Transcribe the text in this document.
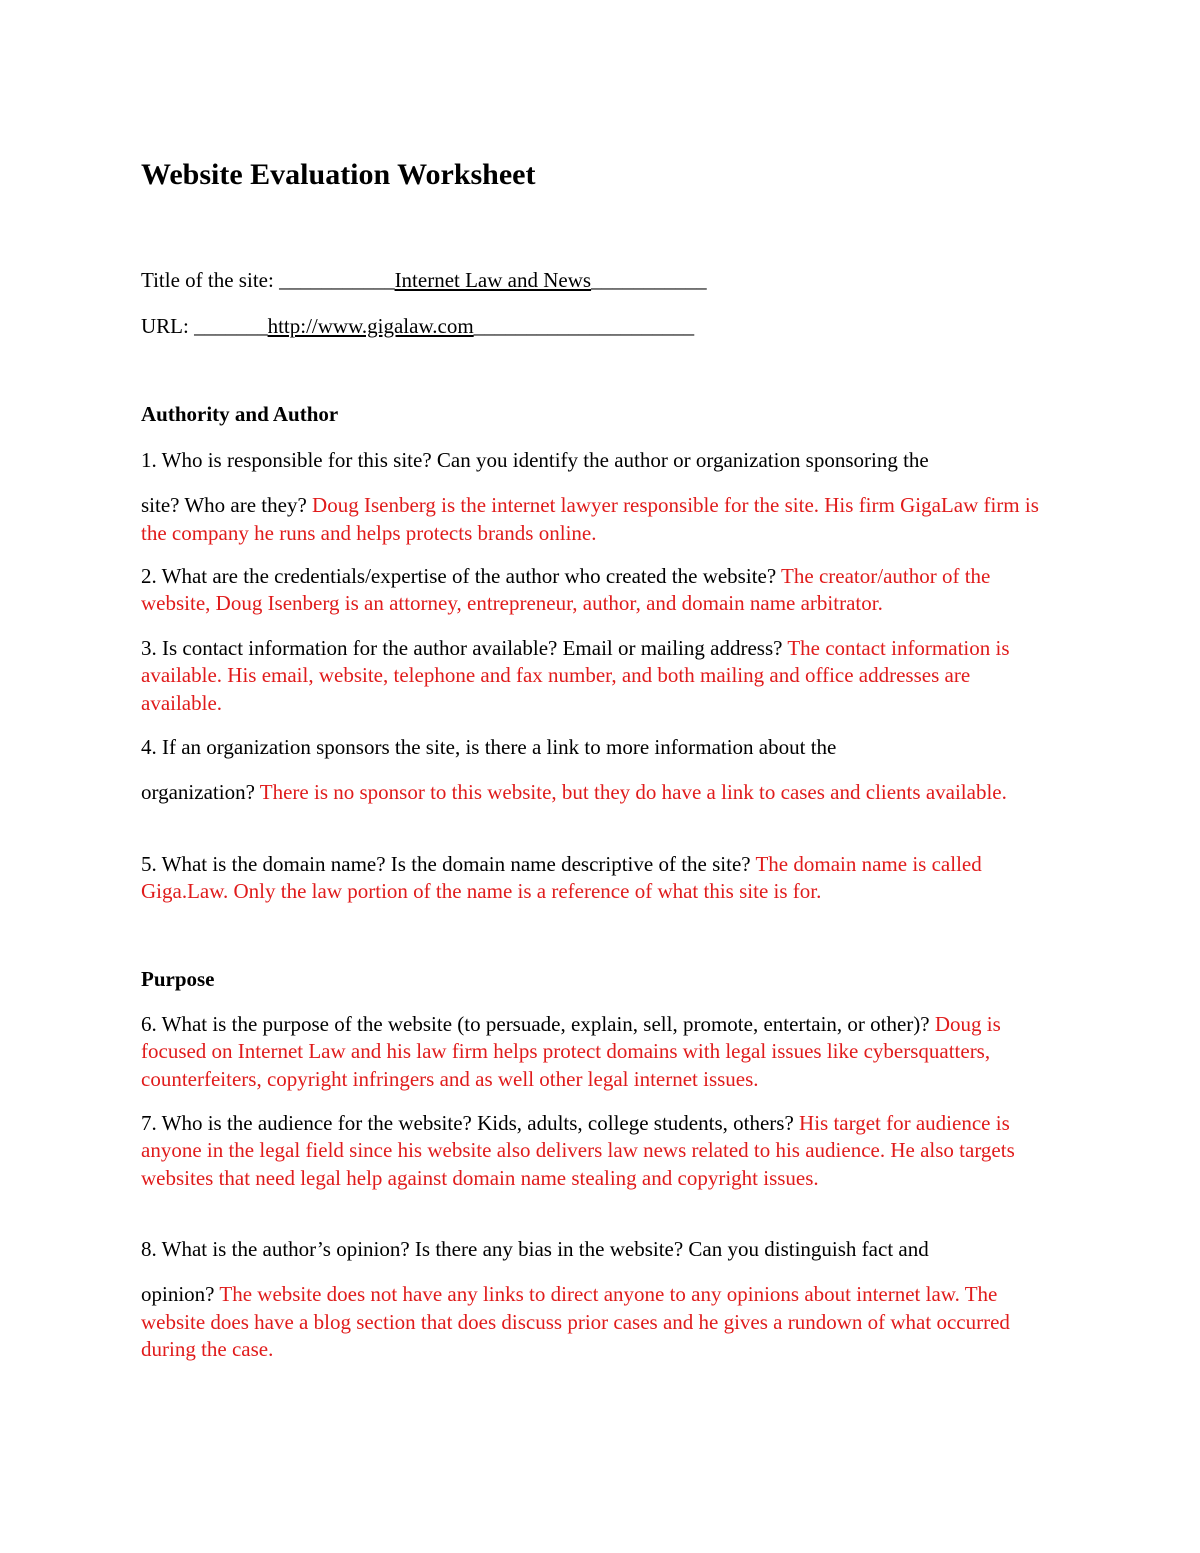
Website Evaluation Worksheet
Title of the site: ___________Internet Law and News___________
URL: _______http://www.gigalaw.com_____________________
Authority and Author
1. Who is responsible for this site? Can you identify the author or organization sponsoring the
site? Who are they? Doug Isenberg is the internet lawyer responsible for the site. His firm GigaLaw firm is the company he runs and helps protects brands online.
2. What are the credentials/expertise of the author who created the website? The creator/author of the website, Doug Isenberg is an attorney, entrepreneur, author, and domain name arbitrator.
3. Is contact information for the author available? Email or mailing address? The contact information is available. His email, website, telephone and fax number, and both mailing and office addresses are available.
4. If an organization sponsors the site, is there a link to more information about the
organization? There is no sponsor to this website, but they do have a link to cases and clients available.
5. What is the domain name? Is the domain name descriptive of the site? The domain name is called Giga.Law. Only the law portion of the name is a reference of what this site is for.
Purpose
6. What is the purpose of the website (to persuade, explain, sell, promote, entertain, or other)? Doug is focused on Internet Law and his law firm helps protect domains with legal issues like cybersquatters, counterfeiters, copyright infringers and as well other legal internet issues.
7. Who is the audience for the website? Kids, adults, college students, others? His target for audience is anyone in the legal field since his website also delivers law news related to his audience. He also targets websites that need legal help against domain name stealing and copyright issues.
8. What is the author’s opinion? Is there any bias in the website? Can you distinguish fact and
opinion? The website does not have any links to direct anyone to any opinions about internet law. The website does have a blog section that does discuss prior cases and he gives a rundown of what occurred during the case.
